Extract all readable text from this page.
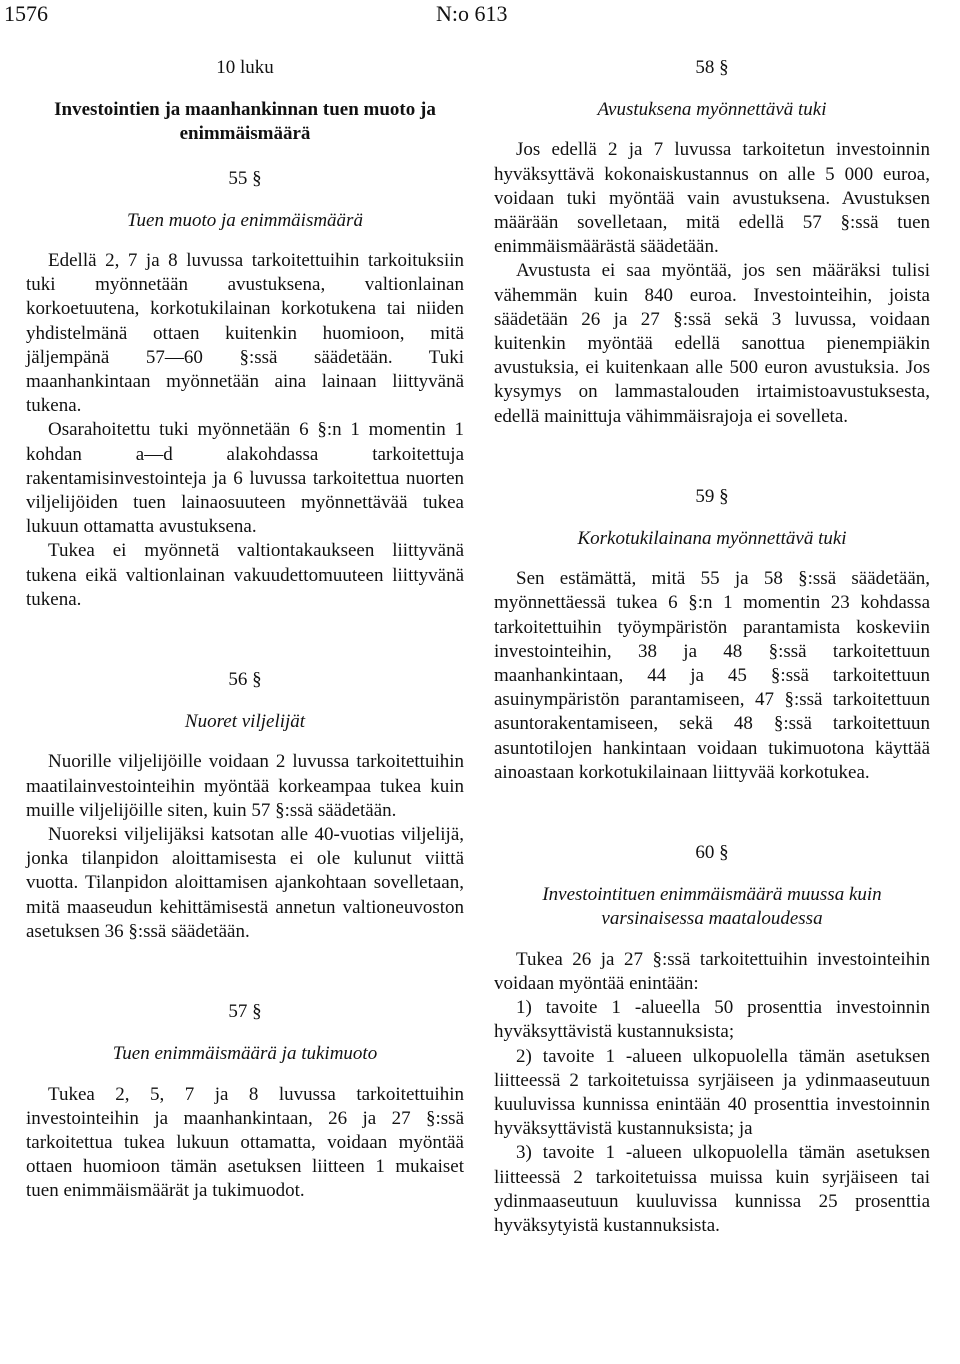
1576	N:o 613
10 luku
Investointien ja maanhankinnan tuen muoto ja enimmäismäärä
55 §
Tuen muoto ja enimmäismäärä

Edellä 2, 7 ja 8 luvussa tarkoitettuihin tarkoituksiin tuki myönnetään avustuksena, valtionlainan korkoetuutena, korkotukilainan korkotukena tai niiden yhdistelmänä ottaen kuitenkin huomioon, mitä jäljempänä 57—60 §:ssä säädetään. Tuki maanhankintaan myönnetään aina lainaan liittyvänä tukena.

Osarahoitettu tuki myönnetään 6 §:n 1 momentin 1 kohdan a—d alakohdassa tarkoitettuja rakentamisinvestointeja ja 6 luvussa tarkoitettua nuorten viljelijöiden tuen lainaosuuteen myönnettävää tukea lukuun ottamatta avustuksena.

Tukea ei myönnetä valtiontakaukseen liittyvänä tukena eikä valtionlainan vakuudettomuuteen liittyvänä tukena.

56 §
Nuoret viljelijät

Nuorille viljelijöille voidaan 2 luvussa tarkoitettuihin maatilainvestointeihin myöntää korkeampaa tukea kuin muille viljelijöille siten, kuin 57 §:ssä säädetään.

Nuoreksi viljelijäksi katsotan alle 40-vuotias viljelijä, jonka tilanpidon aloittamisesta ei ole kulunut viittä vuotta. Tilanpidon aloittamisen ajankohtaan sovelletaan, mitä maaseudun kehittämisestä annetun valtioneuvoston asetuksen 36 §:ssä säädetään.

57 §
Tuen enimmäismäärä ja tukimuoto

Tukea 2, 5, 7 ja 8 luvussa tarkoitettuihin investointeihin ja maanhankintaan, 26 ja 27 §:ssä tarkoitettua tukea lukuun ottamatta, voidaan myöntää ottaen huomioon tämän asetuksen liitteen 1 mukaiset tuen enimmäismäärät ja tukimuodot.

58 §
Avustuksena myönnettävä tuki

Jos edellä 2 ja 7 luvussa tarkoitetun investoinnin hyväksyttävä kokonaiskustannus on alle 5 000 euroa, voidaan tuki myöntää vain avustuksena. Avustuksen määrään sovelletaan, mitä edellä 57 §:ssä tuen enimmäismäärästä säädetään.

Avustusta ei saa myöntää, jos sen määräksi tulisi vähemmän kuin 840 euroa. Investointeihin, joista säädetään 26 ja 27 §:ssä sekä 3 luvussa, voidaan kuitenkin myöntää edellä sanottua pienempiäkin avustuksia, ei kuitenkaan alle 500 euron avustuksia. Jos kysymys on lammastalouden irtaimistoavustuksesta, edellä mainittuja vähimmäisrajoja ei sovelleta.

59 §
Korkotukilainana myönnettävä tuki

Sen estämättä, mitä 55 ja 58 §:ssä säädetään, myönnettäessä tukea 6 §:n 1 momentin 23 kohdassa tarkoitettuihin työympäristön parantamista koskeviin investointeihin, 38 ja 48 §:ssä tarkoitettuun maanhankintaan, 44 ja 45 §:ssä tarkoitettuun asuinympäristön parantamiseen, 47 §:ssä tarkoitettuun asuntorakentamiseen, sekä 48 §:ssä tarkoitettuun asuntotilojen hankintaan voidaan tukimuotona käyttää ainoastaan korkotukilainaan liittyvää korkotukea.

60 §
Investointituen enimmäismäärä muussa kuin varsinaisessa maataloudessa

Tukea 26 ja 27 §:ssä tarkoitettuihin investointeihin voidaan myöntää enintään:

1) tavoite 1 -alueella 50 prosenttia investoinnin hyväksyttävistä kustannuksista;

2) tavoite 1 -alueen ulkopuolella tämän asetuksen liitteessä 2 tarkoitetuissa syrjäiseen ja ydinmaaseutuun kuuluvissa kunnissa enintään 40 prosenttia investoinnin hyväksyttävistä kustannuksista; ja

3) tavoite 1 -alueen ulkopuolella tämän asetuksen liitteessä 2 tarkoitetuissa muissa kuin syrjäiseen tai ydinmaaseutuun kuuluvissa kunnissa 25 prosenttia hyväksytyistä kustannuksista.
